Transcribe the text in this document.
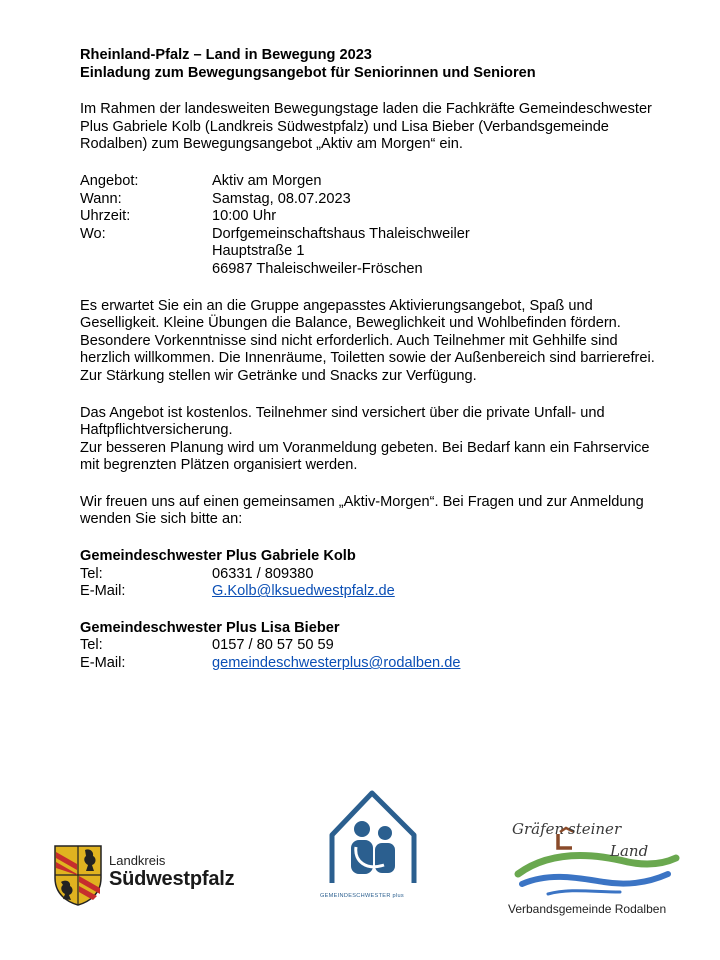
Rheinland-Pfalz – Land in Bewegung 2023

Einladung zum Bewegungsangebot für Seniorinnen und Senioren

Im Rahmen der landesweiten Bewegungstage laden die Fachkräfte Gemeindeschwester Plus Gabriele Kolb (Landkreis Südwestpfalz) und Lisa Bieber (Verbandsgemeinde Rodalben) zum Bewegungsangebot „Aktiv am Morgen“ ein.

Angebot:	Aktiv am Morgen
Wann:	Samstag, 08.07.2023
Uhrzeit:	10:00 Uhr
Wo:	Dorfgemeinschaftshaus Thaleischweiler
Hauptstraße 1
66987 Thaleischweiler-Fröschen

Es erwartet Sie ein an die Gruppe angepasstes Aktivierungsangebot, Spaß und Geselligkeit. Kleine Übungen die Balance, Beweglichkeit und Wohlbefinden fördern. Besondere Vorkenntnisse sind nicht erforderlich. Auch Teilnehmer mit Gehhilfe sind herzlich willkommen. Die Innenräume, Toiletten sowie der Außenbereich sind barrierefrei. Zur Stärkung stellen wir Getränke und Snacks zur Verfügung.

Das Angebot ist kostenlos. Teilnehmer sind versichert über die private Unfall- und Haftpflichtversicherung.

Zur besseren Planung wird um Voranmeldung gebeten. Bei Bedarf kann ein Fahrservice mit begrenzten Plätzen organisiert werden.

Wir freuen uns auf einen gemeinsamen „Aktiv-Morgen“. Bei Fragen und zur Anmeldung wenden Sie sich bitte an:

Gemeindeschwester Plus Gabriele Kolb

Tel:	06331 / 809380
E-Mail:	G.Kolb@lksuedwestpfalz.de

Gemeindeschwester Plus Lisa Bieber

Tel:	0157 / 80 57 50 59
E-Mail:	gemeindeschwesterplus@rodalben.de
Landkreis
Südwestpfalz
GEMEINDESCHWESTER plus
Gräfen steiner
Land
Verbandsgemeinde Rodalben
